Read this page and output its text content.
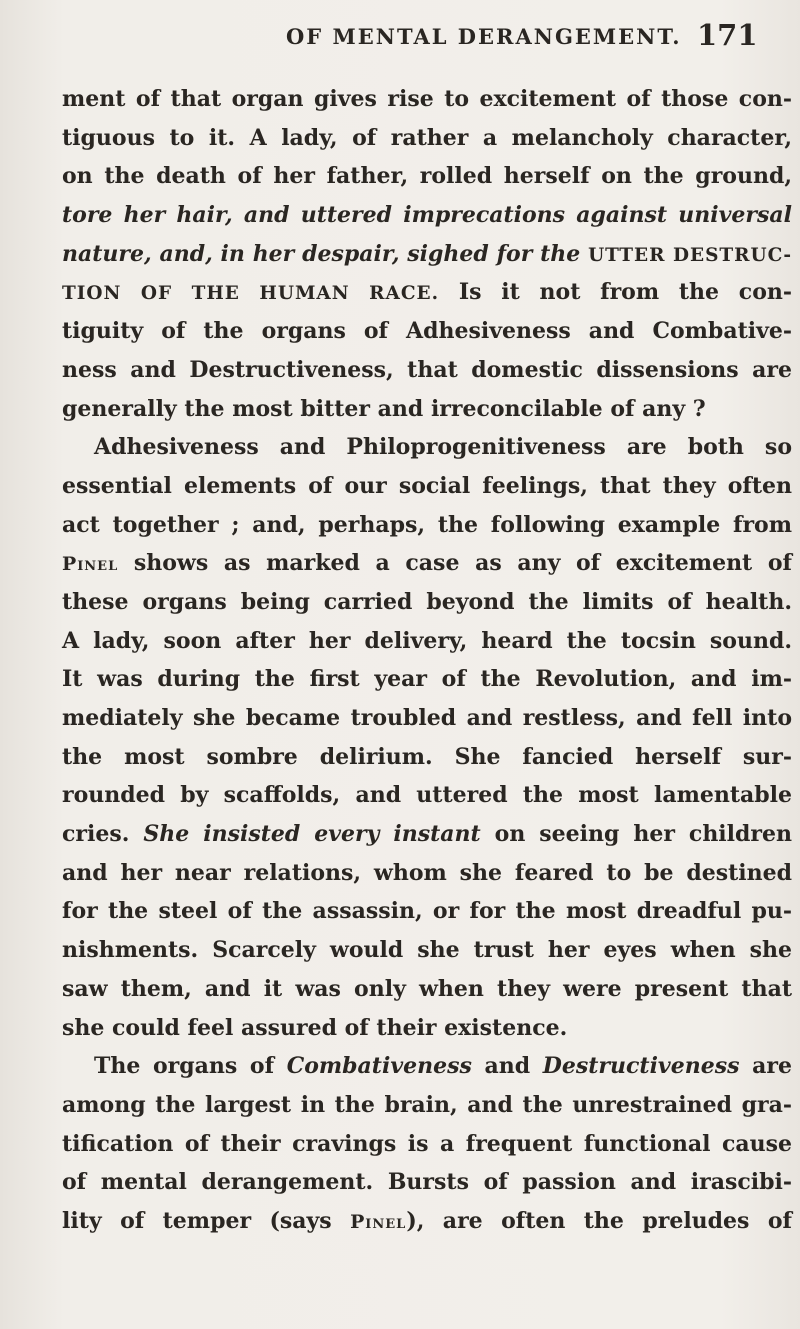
OF MENTAL DERANGEMENT. 171
ment of that organ gives rise to excitement of those con-
tiguous to it. A lady, of rather a melancholy character,
on the death of her father, rolled herself on the ground,
tore her hair, and uttered imprecations against universal
nature, and, in her despair, sighed for the UTTER DESTRUC-
TION OF THE HUMAN RACE. Is it not from the con-
tiguity of the organs of Adhesiveness and Combative-
ness and Destructiveness, that domestic dissensions are
generally the most bitter and irreconcilable of any ?
Adhesiveness and Philoprogenitiveness are both so
essential elements of our social feelings, that they often
act together ; and, perhaps, the following example from
Pinel shows as marked a case as any of excitement of
these organs being carried beyond the limits of health.
A lady, soon after her delivery, heard the tocsin sound.
It was during the first year of the Revolution, and im-
mediately she became troubled and restless, and fell into
the most sombre delirium. She fancied herself sur-
rounded by scaffolds, and uttered the most lamentable
cries. She insisted every instant on seeing her children
and her near relations, whom she feared to be destined
for the steel of the assassin, or for the most dreadful pu-
nishments. Scarcely would she trust her eyes when she
saw them, and it was only when they were present that
she could feel assured of their existence.
The organs of Combativeness and Destructiveness are
among the largest in the brain, and the unrestrained gra-
tification of their cravings is a frequent functional cause
of mental derangement. Bursts of passion and irascibi-
lity of temper (says Pinel), are often the preludes of
